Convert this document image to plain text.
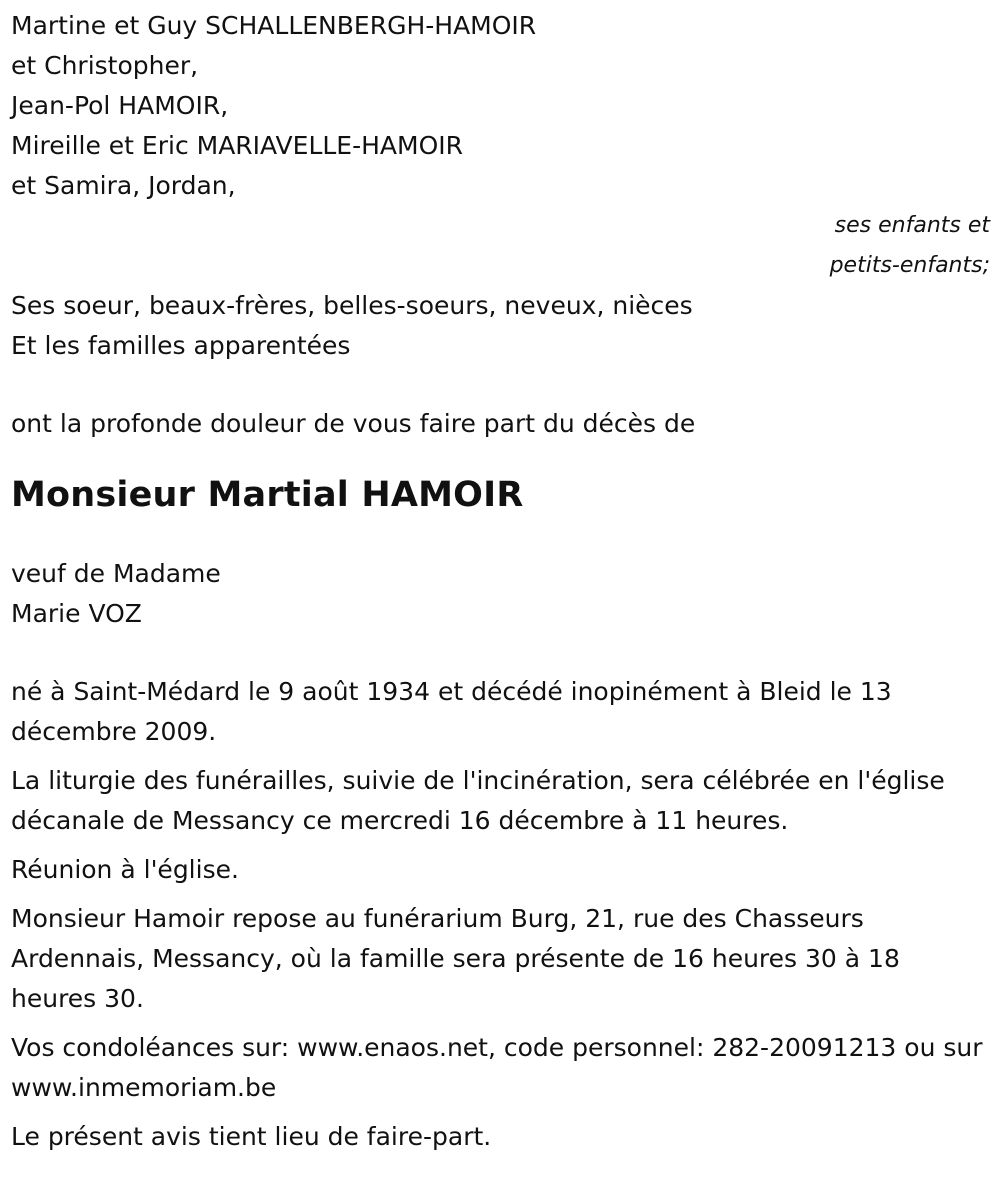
Martine et Guy SCHALLENBERGH-HAMOIR

et Christopher,

Jean-Pol HAMOIR,

Mireille et Eric MARIAVELLE-HAMOIR

et Samira, Jordan,

ses enfants et

petits-enfants;

Ses soeur, beaux-frères, belles-soeurs, neveux, nièces

Et les familles apparentées

ont la profonde douleur de vous faire part du décès de

Monsieur Martial HAMOIR

veuf de Madame

Marie VOZ

né à Saint-Médard le 9 août 1934 et décédé inopinément à Bleid le 13 décembre 2009.

La liturgie des funérailles, suivie de l'incinération, sera célébrée en l'église décanale de Messancy ce mercredi 16 décembre à 11 heures.

Réunion à l'église.

Monsieur Hamoir repose au funérarium Burg, 21, rue des Chasseurs Ardennais, Messancy, où la famille sera présente de 16 heures 30 à 18 heures 30.

Vos condoléances sur: www.enaos.net, code personnel: 282-20091213 ou sur www.inmemoriam.be

Le présent avis tient lieu de faire-part.
